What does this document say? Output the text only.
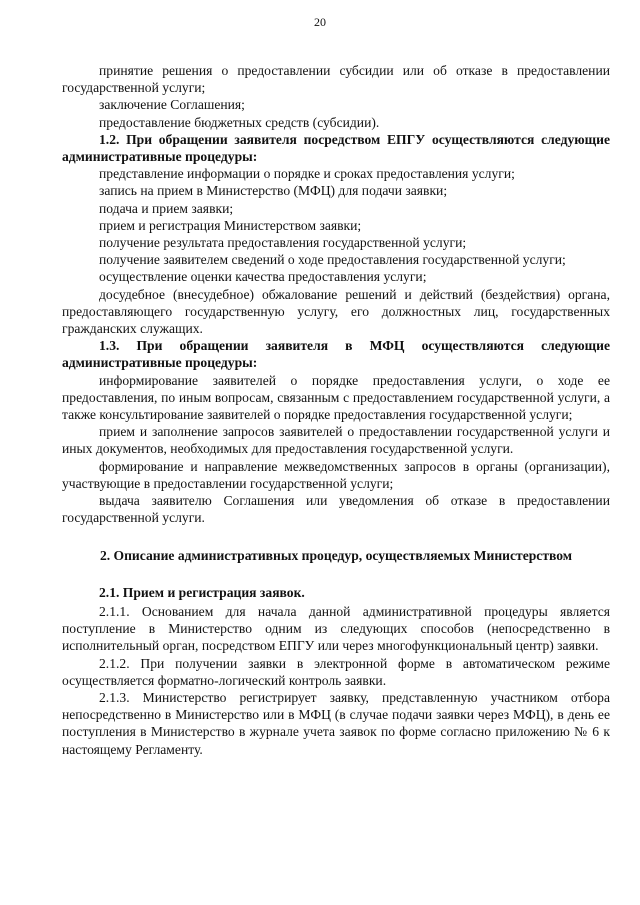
20

принятие решения о предоставлении субсидии или об отказе в предоставлении государственной услуги;

заключение Соглашения;

предоставление бюджетных средств (субсидии).

1.2. При обращении заявителя посредством ЕПГУ осуществляются следующие административные процедуры:

представление информации о порядке и сроках предоставления услуги;

запись на прием в Министерство (МФЦ) для подачи заявки;

подача и прием заявки;

прием и регистрация Министерством заявки;

получение результата предоставления государственной услуги;

получение заявителем сведений о ходе предоставления государственной услуги;

осуществление оценки качества предоставления услуги;

досудебное (внесудебное) обжалование решений и действий (бездействия) органа, предоставляющего государственную услугу, его должностных лиц, государственных гражданских служащих.

1.3. При обращении заявителя в МФЦ осуществляются следующие административные процедуры:

информирование заявителей о порядке предоставления услуги, о ходе ее предоставления, по иным вопросам, связанным с предоставлением государственной услуги, а также консультирование заявителей о порядке предоставления государственной услуги;

прием и заполнение запросов заявителей о предоставлении государственной услуги и иных документов, необходимых для предоставления государственной услуги.

формирование и направление межведомственных запросов в органы (организации), участвующие в предоставлении государственной услуги;

выдача заявителю Соглашения или уведомления об отказе в предоставлении государственной услуги.

2. Описание административных процедур, осуществляемых Министерством

2.1. Прием и регистрация заявок.

2.1.1. Основанием для начала данной административной процедуры является поступление в Министерство одним из следующих способов (непосредственно в исполнительный орган, посредством ЕПГУ или через многофункциональный центр) заявки.

2.1.2. При получении заявки в электронной форме в автоматическом режиме осуществляется форматно-логический контроль заявки.

2.1.3. Министерство регистрирует заявку, представленную участником отбора непосредственно в Министерство или в МФЦ (в случае подачи заявки через МФЦ), в день ее поступления в Министерство в журнале учета заявок по форме согласно приложению № 6 к настоящему Регламенту.
